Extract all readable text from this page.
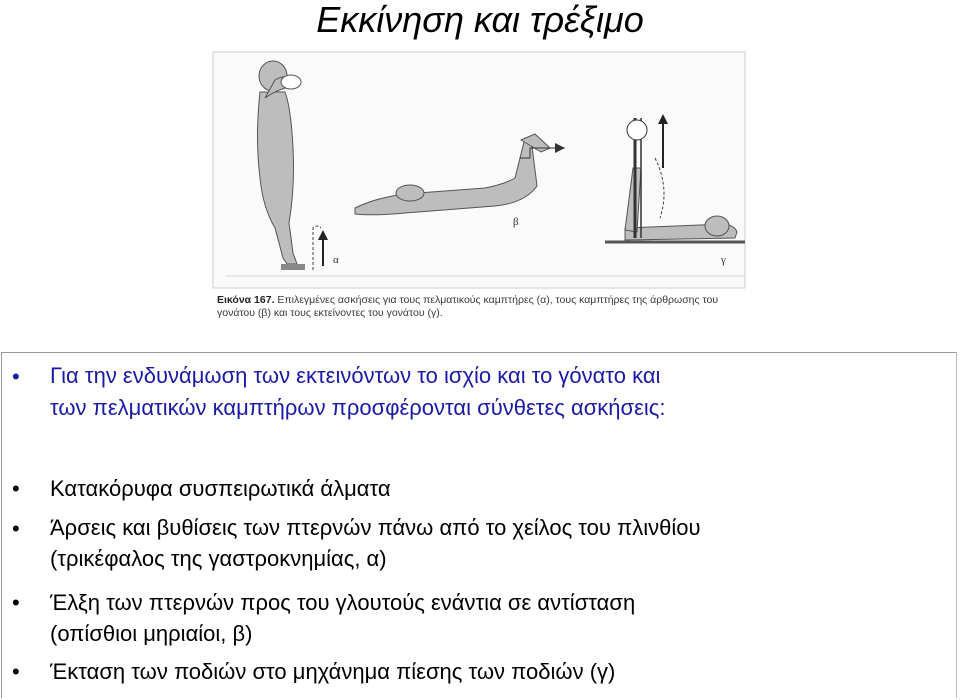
Εκκίνηση και τρέξιμο
α
β
γ
Εικόνα 167. Επιλεγμένες ασκήσεις για τους πελματικούς καμπτήρες (α), τους καμπτήρες της άρθρωσης του γονάτου (β) και τους εκτείνοντες του γονάτου (γ).
• Για την ενδυνάμωση των εκτεινόντων το ισχίο και το γόνατο και
των πελματικών καμπτήρων προσφέρονται σύνθετες ασκήσεις:
• Κατακόρυφα συσπειρωτικά άλματα
• Άρσεις και βυθίσεις των πτερνών πάνω από το χείλος του πλινθίου
(τρικέφαλος της γαστροκνημίας, α)
• Έλξη των πτερνών προς του γλουτούς ενάντια σε αντίσταση
(οπίσθιοι μηριαίοι, β)
• Έκταση των ποδιών στο μηχάνημα πίεσης των ποδιών (γ)
